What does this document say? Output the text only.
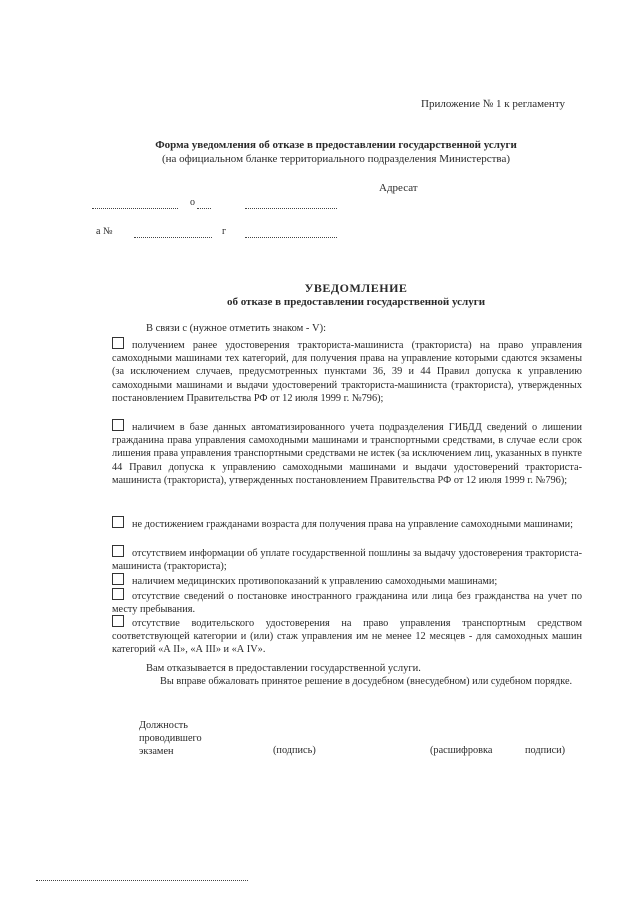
Приложение № 1 к регламенту
Форма уведомления об отказе в предоставлении государственной услуги
(на официальном бланке территориального подразделения Министерства)
Адресат
о
а №	г
УВЕДОМЛЕНИЕ
об отказе в предоставлении государственной услуги
В связи с (нужное отметить знаком - V):

получением ранее удостоверения тракториста-машиниста (тракториста) на право управления самоходными машинами тех категорий, для получения права на управление которыми сдаются экзамены (за исключением случаев, предусмотренных пунктами 36, 39 и 44 Правил допуска к управлению самоходными машинами и выдачи удостоверений тракториста-машиниста (тракториста), утвержденных постановлением Правительства РФ от 12 июля 1999 г. №796);

наличием в базе данных автоматизированного учета подразделения ГИБДД сведений о лишении гражданина права управления самоходными машинами и транспортными средствами, в случае если срок лишения права управления транспортными средствами не истек (за исключением лиц, указанных в пункте 44 Правил допуска к управлению самоходными машинами и выдачи удостоверений тракториста-машиниста (тракториста), утвержденных постановлением Правительства РФ от 12 июля 1999 г. №796);

не достижением гражданами возраста для получения права на управление самоходными машинами;

отсутствием информации об уплате государственной пошлины за выдачу удостоверения тракториста-машиниста (тракториста);

наличием медицинских противопоказаний к управлению самоходными машинами;

отсутствие сведений о постановке иностранного гражданина или лица без гражданства на учет по месту пребывания.

отсутствие водительского удостоверения на право управления транспортным средством соответствующей категории и (или) стаж управления им не менее 12 месяцев - для самоходных машин категорий «А II», «А III» и «А IV».

Вам отказывается в предоставлении государственной услуги.
Вы вправе обжаловать принятое решение в досудебном (внесудебном) или судебном порядке.
Должность проводившего экзамен	(подпись)	(расшифровка подписи)
